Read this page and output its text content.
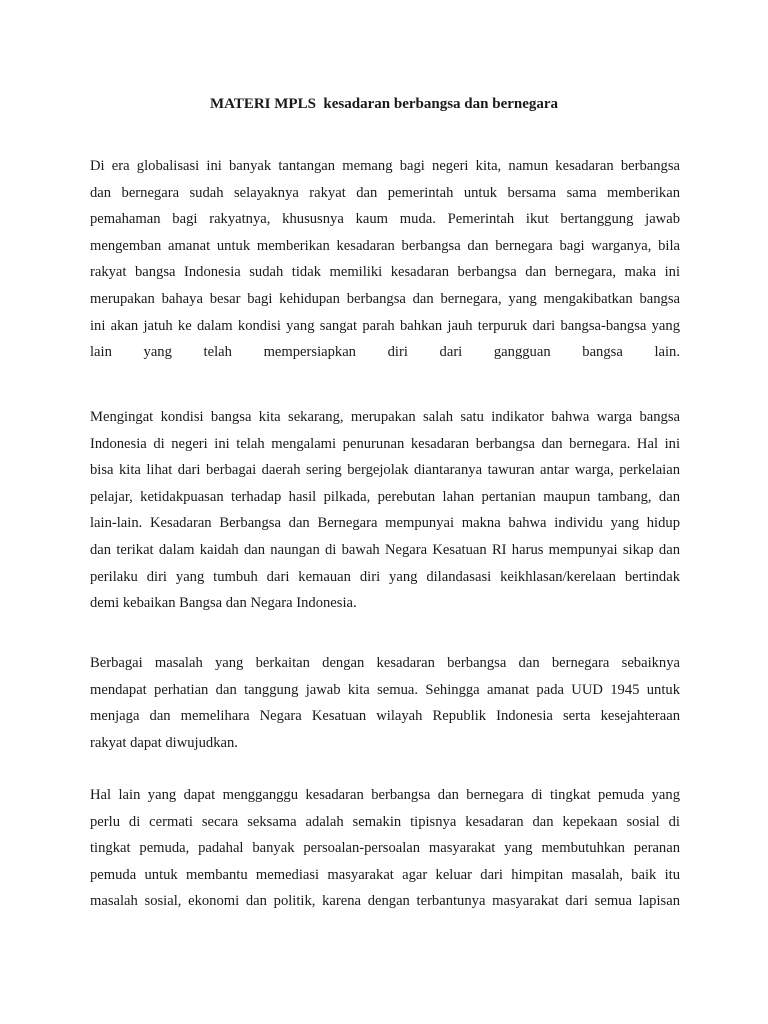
MATERI MPLS  kesadaran berbangsa dan bernegara
Di era globalisasi ini banyak tantangan memang bagi negeri kita, namun kesadaran berbangsa
dan bernegara sudah selayaknya rakyat dan pemerintah untuk bersama sama memberikan
pemahaman bagi rakyatnya, khususnya kaum muda. Pemerintah ikut bertanggung jawab
mengemban amanat untuk memberikan kesadaran berbangsa dan bernegara bagi warganya, bila
rakyat bangsa Indonesia sudah tidak memiliki kesadaran berbangsa dan bernegara, maka ini
merupakan bahaya besar bagi kehidupan berbangsa dan bernegara, yang mengakibatkan bangsa
ini akan jatuh ke dalam kondisi yang sangat parah bahkan jauh terpuruk dari bangsa-bangsa yang
lain yang telah mempersiapkan diri dari gangguan bangsa lain.
Mengingat kondisi bangsa kita sekarang, merupakan salah satu indikator bahwa warga bangsa
Indonesia di negeri ini telah mengalami penurunan kesadaran berbangsa dan bernegara. Hal ini
bisa kita lihat dari berbagai daerah sering bergejolak diantaranya tawuran antar warga, perkelaian
pelajar, ketidakpuasan terhadap hasil pilkada, perebutan lahan pertanian maupun tambang, dan
lain-lain. Kesadaran Berbangsa dan Bernegara mempunyai makna bahwa individu yang hidup
dan terikat dalam kaidah dan naungan di bawah Negara Kesatuan RI harus mempunyai sikap dan
perilaku diri yang tumbuh dari kemauan diri yang dilandasasi keikhlasan/kerelaan bertindak
demi kebaikan Bangsa dan Negara Indonesia.
Berbagai masalah yang berkaitan dengan kesadaran berbangsa dan bernegara sebaiknya
mendapat perhatian dan tanggung jawab kita semua. Sehingga amanat pada UUD 1945 untuk
menjaga dan memelihara Negara Kesatuan wilayah Republik Indonesia serta kesejahteraan
rakyat dapat diwujudkan.
Hal lain yang dapat mengganggu kesadaran berbangsa dan bernegara di tingkat pemuda yang
perlu di cermati secara seksama adalah semakin tipisnya kesadaran dan kepekaan sosial di
tingkat pemuda, padahal banyak persoalan-persoalan masyarakat yang membutuhkan peranan
pemuda untuk membantu memediasi masyarakat agar keluar dari himpitan masalah, baik itu
masalah sosial, ekonomi dan politik, karena dengan terbantunya masyarakat dari semua lapisan
